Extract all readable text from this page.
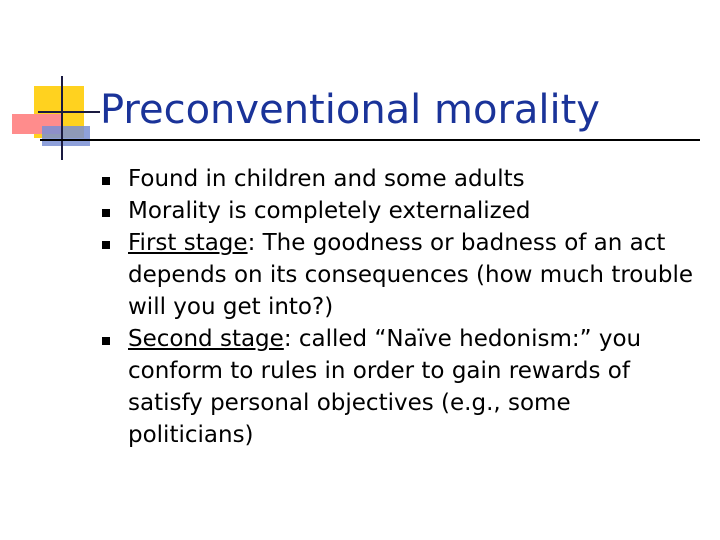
Preconventional morality
Found in children and some adults
Morality is completely externalized
First stage: The goodness or badness of an act depends on its consequences (how much trouble will you get into?)
Second stage: called “Naïve hedonism:” you conform to rules in order to gain rewards of satisfy personal objectives (e.g., some politicians)
